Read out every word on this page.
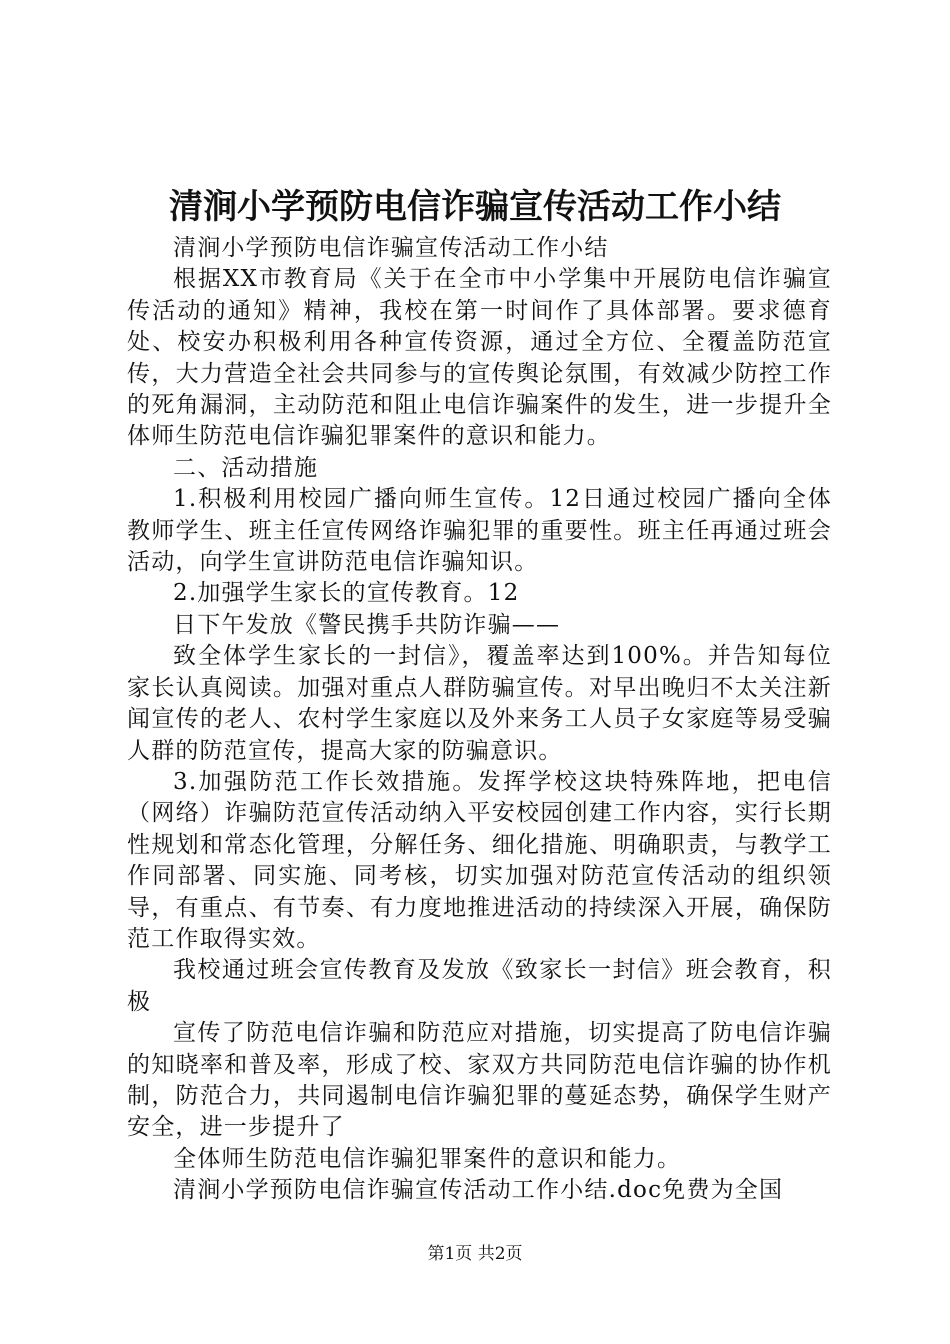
清涧小学预防电信诈骗宣传活动工作小结

清涧小学预防电信诈骗宣传活动工作小结

根据XX市教育局《关于在全市中小学集中开展防电信诈骗宣传活动的通知》精神，我校在第一时间作了具体部署。要求德育处、校安办积极利用各种宣传资源，通过全方位、全覆盖防范宣传，大力营造全社会共同参与的宣传舆论氛围，有效减少防控工作的死角漏洞，主动防范和阻止电信诈骗案件的发生，进一步提升全体师生防范电信诈骗犯罪案件的意识和能力。

二、活动措施

1.积极利用校园广播向师生宣传。12日通过校园广播向全体教师学生、班主任宣传网络诈骗犯罪的重要性。班主任再通过班会活动，向学生宣讲防范电信诈骗知识。

2.加强学生家长的宣传教育。12

日下午发放《警民携手共防诈骗——

致全体学生家长的一封信》，覆盖率达到100%。并告知每位家长认真阅读。加强对重点人群防骗宣传。对早出晚归不太关注新闻宣传的老人、农村学生家庭以及外来务工人员子女家庭等易受骗人群的防范宣传，提高大家的防骗意识。

3.加强防范工作长效措施。发挥学校这块特殊阵地，把电信（网络）诈骗防范宣传活动纳入平安校园创建工作内容，实行长期性规划和常态化管理，分解任务、细化措施、明确职责，与教学工作同部署、同实施、同考核，切实加强对防范宣传活动的组织领导，有重点、有节奏、有力度地推进活动的持续深入开展，确保防范工作取得实效。

我校通过班会宣传教育及发放《致家长一封信》班会教育，积极

宣传了防范电信诈骗和防范应对措施，切实提高了防电信诈骗的知晓率和普及率，形成了校、家双方共同防范电信诈骗的协作机制，防范合力，共同遏制电信诈骗犯罪的蔓延态势，确保学生财产安全，进一步提升了

全体师生防范电信诈骗犯罪案件的意识和能力。

清涧小学预防电信诈骗宣传活动工作小结.doc免费为全国

第1页 共2页
